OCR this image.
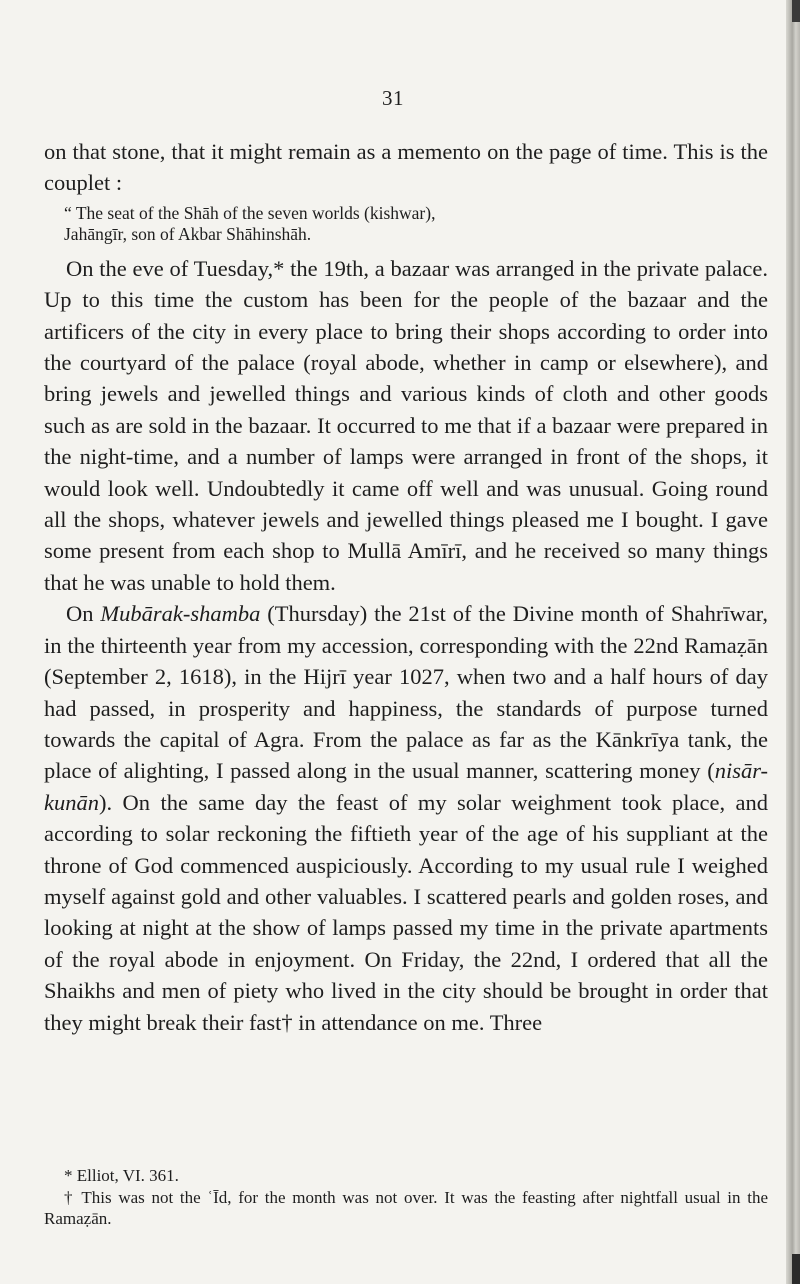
31

on that stone, that it might remain as a memento on the page of time. This is the couplet :

“ The seat of the Shāh of the seven worlds (kishwar),
Jahāngīr, son of Akbar Shāhinshāh.

On the eve of Tuesday,* the 19th, a bazaar was arranged in the private palace. Up to this time the custom has been for the people of the bazaar and the artificers of the city in every place to bring their shops according to order into the courtyard of the palace (royal abode, whether in camp or elsewhere), and bring jewels and jewelled things and various kinds of cloth and other goods such as are sold in the bazaar. It occurred to me that if a bazaar were prepared in the night-time, and a number of lamps were arranged in front of the shops, it would look well. Undoubtedly it came off well and was unusual. Going round all the shops, whatever jewels and jewelled things pleased me I bought. I gave some present from each shop to Mullā Amīrī, and he received so many things that he was unable to hold them.

On Mubārak-shamba (Thursday) the 21st of the Divine month of Shahrīwar, in the thirteenth year from my accession, corresponding with the 22nd Ramaẓān (September 2, 1618), in the Hijrī year 1027, when two and a half hours of day had passed, in prosperity and happiness, the standards of purpose turned towards the capital of Agra. From the palace as far as the Kānkrīya tank, the place of alighting, I passed along in the usual manner, scattering money (nisār-kunān). On the same day the feast of my solar weighment took place, and according to solar reckoning the fiftieth year of the age of his suppliant at the throne of God commenced auspiciously. According to my usual rule I weighed myself against gold and other valuables. I scattered pearls and golden roses, and looking at night at the show of lamps passed my time in the private apartments of the royal abode in enjoyment. On Friday, the 22nd, I ordered that all the Shaikhs and men of piety who lived in the city should be brought in order that they might break their fast† in attendance on me. Three

* Elliot, VI. 361.

† This was not the ʿĪd, for the month was not over. It was the feasting after nightfall usual in the Ramaẓān.
